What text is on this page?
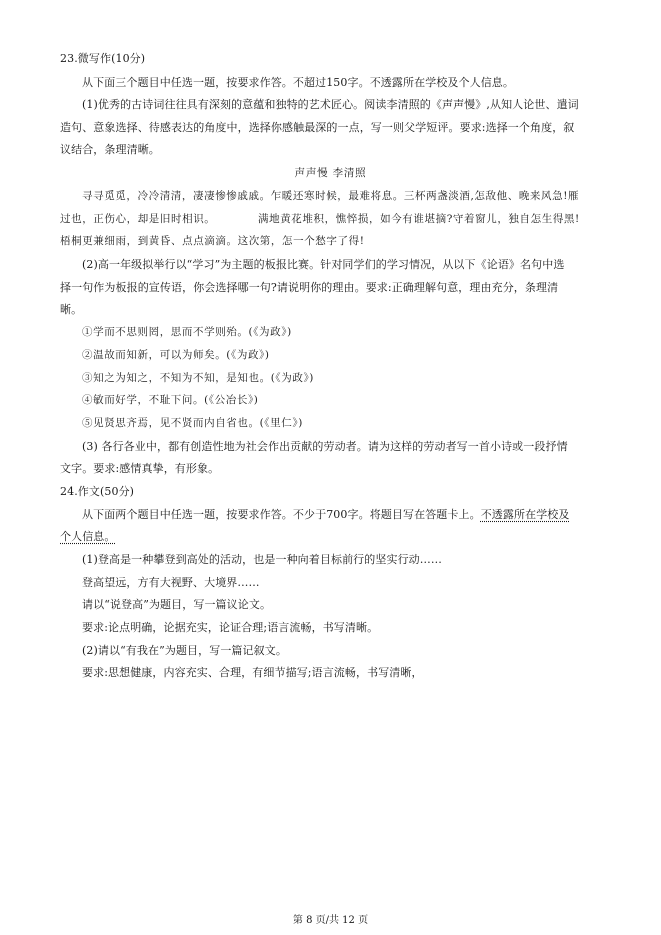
23.微写作(10分)
从下面三个题目中任选一题，按要求作答。不超过150字。不透露所在学校及个人信息。
(1)优秀的古诗词往往具有深刻的意蕴和独特的艺术匠心。阅读李清照的《声声慢》,从知人论世、遣词
造句、意象选择、待感表达的角度中，选择你感触最深的一点，写一则父学短评。要求:选择一个角度，叙
议结合，条理清晰。
声声慢 李清照
寻寻觅觅，冷冷清清，凄凄惨惨戚戚。乍暖还寒时候，最难将息。三杯两盏淡酒,怎敌他、晚来风急!雁
过也，正伤心，却是旧时相识。	满地黄花堆积，憔悴损，如今有谁堪摘?守着窗儿，独自怎生得黑!
梧桐更兼细雨，到黄昏、点点滴滴。这次第，怎一个愁字了得!
(2)高一年级拟举行以“学习”为主题的板报比赛。针对同学们的学习情况，从以下《论语》名句中选
择一句作为板报的宣传语，你会选择哪一句?请说明你的理由。要求:正确理解句意，理由充分，条理清
晰。
①学而不思则罔，思而不学则殆。(《为政》)
②温故而知新，可以为师矣。(《为政》)
③知之为知之，不知为不知，是知也。(《为政》)
④敏而好学，不耻下问。(《公冶长》)
⑤见贤思齐焉，见不贤而内自省也。(《里仁》)
(3) 各行各业中，都有创造性地为社会作出贡献的劳动者。请为这样的劳动者写一首小诗或一段抒情
文字。要求:感情真挚，有形象。
24.作文(50分)
从下面两个题目中任选一题，按要求作答。不少于700字。将题目写在答题卡上。不透露所在学校及
个人信息。
(1)登高是一种攀登到高处的活动，也是一种向着目标前行的坚实行动……
登高望远，方有大视野、大境界……
请以“说登高”为题目，写一篇议论文。
要求:论点明确，论据充实，论证合理;语言流畅，书写清晰。
(2)请以“有我在”为题目，写一篇记叙文。
要求:思想健康，内容充实、合理，有细节描写;语言流畅，书写清晰，
第 8 页/共 12 页
